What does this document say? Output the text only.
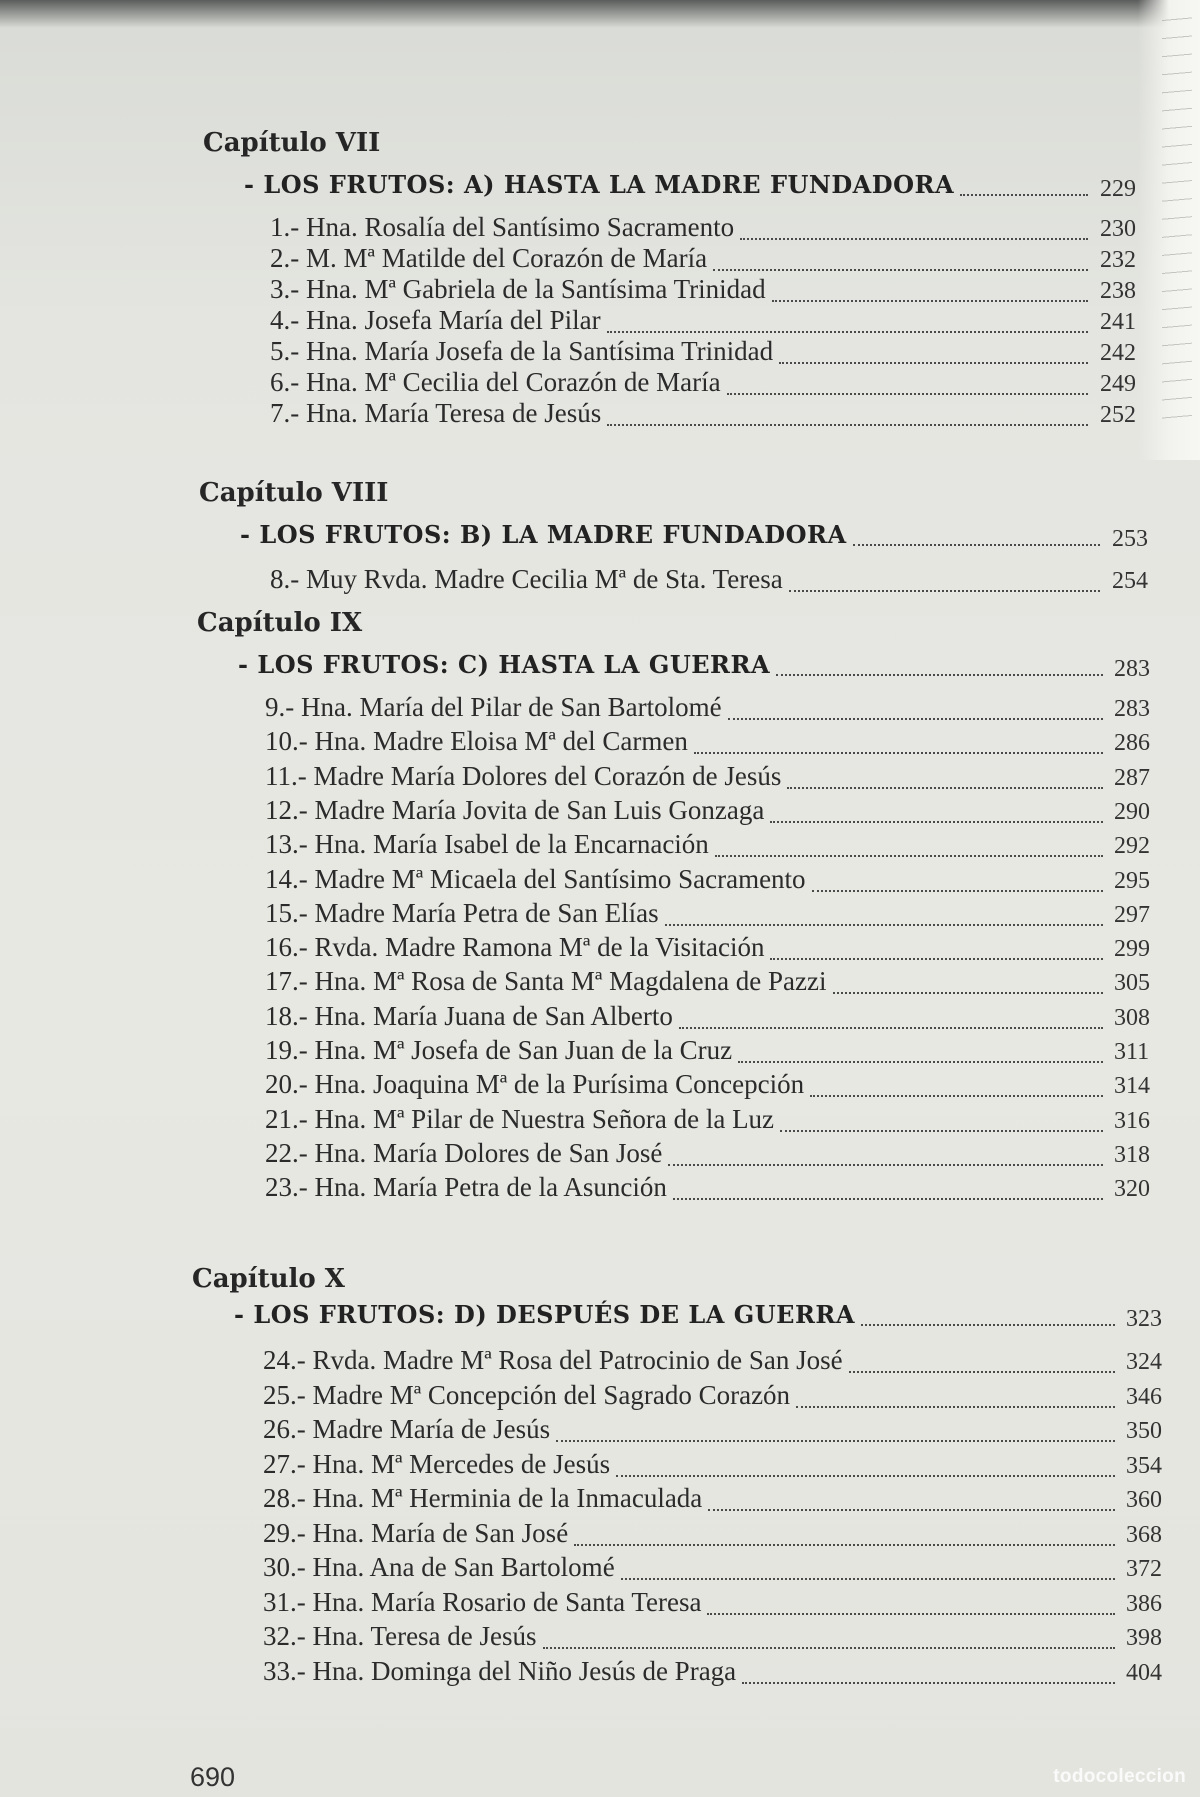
Capítulo VII
- LOS FRUTOS: A) HASTA LA MADRE FUNDADORA	229
1.- Hna. Rosalía del Santísimo Sacramento	230
2.- M. Mª Matilde del Corazón de María	232
3.- Hna. Mª Gabriela de la Santísima Trinidad	238
4.- Hna. Josefa María del Pilar	241
5.- Hna. María Josefa de la Santísima Trinidad	242
6.- Hna. Mª Cecilia del Corazón de María	249
7.- Hna. María Teresa de Jesús	252
Capítulo VIII
- LOS FRUTOS: B) LA MADRE FUNDADORA	253
8.- Muy Rvda. Madre Cecilia Mª de Sta. Teresa	254
Capítulo IX
- LOS FRUTOS: C) HASTA LA GUERRA	283
9.- Hna. María del Pilar de San Bartolomé	283
10.- Hna. Madre Eloisa Mª del Carmen	286
11.- Madre María Dolores del Corazón de Jesús	287
12.- Madre María Jovita de San Luis Gonzaga	290
13.- Hna. María Isabel de la Encarnación	292
14.- Madre Mª Micaela del Santísimo Sacramento	295
15.- Madre María Petra de San Elías	297
16.- Rvda. Madre Ramona Mª de la Visitación	299
17.- Hna. Mª Rosa de Santa Mª Magdalena de Pazzi	305
18.- Hna. María Juana de San Alberto	308
19.- Hna. Mª Josefa de San Juan de la Cruz	311
20.- Hna. Joaquina Mª de la Purísima Concepción	314
21.- Hna. Mª Pilar de Nuestra Señora de la Luz	316
22.- Hna. María Dolores de San José	318
23.- Hna. María Petra de la Asunción	320
Capítulo X
- LOS FRUTOS: D) DESPUÉS DE LA GUERRA	323
24.- Rvda. Madre Mª Rosa del Patrocinio de San José	324
25.- Madre Mª Concepción del Sagrado Corazón	346
26.- Madre María de Jesús	350
27.- Hna. Mª Mercedes de Jesús	354
28.- Hna. Mª Herminia de la Inmaculada	360
29.- Hna. María de San José	368
30.- Hna. Ana de San Bartolomé	372
31.- Hna. María Rosario de Santa Teresa	386
32.- Hna. Teresa de Jesús	398
33.- Hna. Dominga del Niño Jesús de Praga	404
690	todocoleccion
